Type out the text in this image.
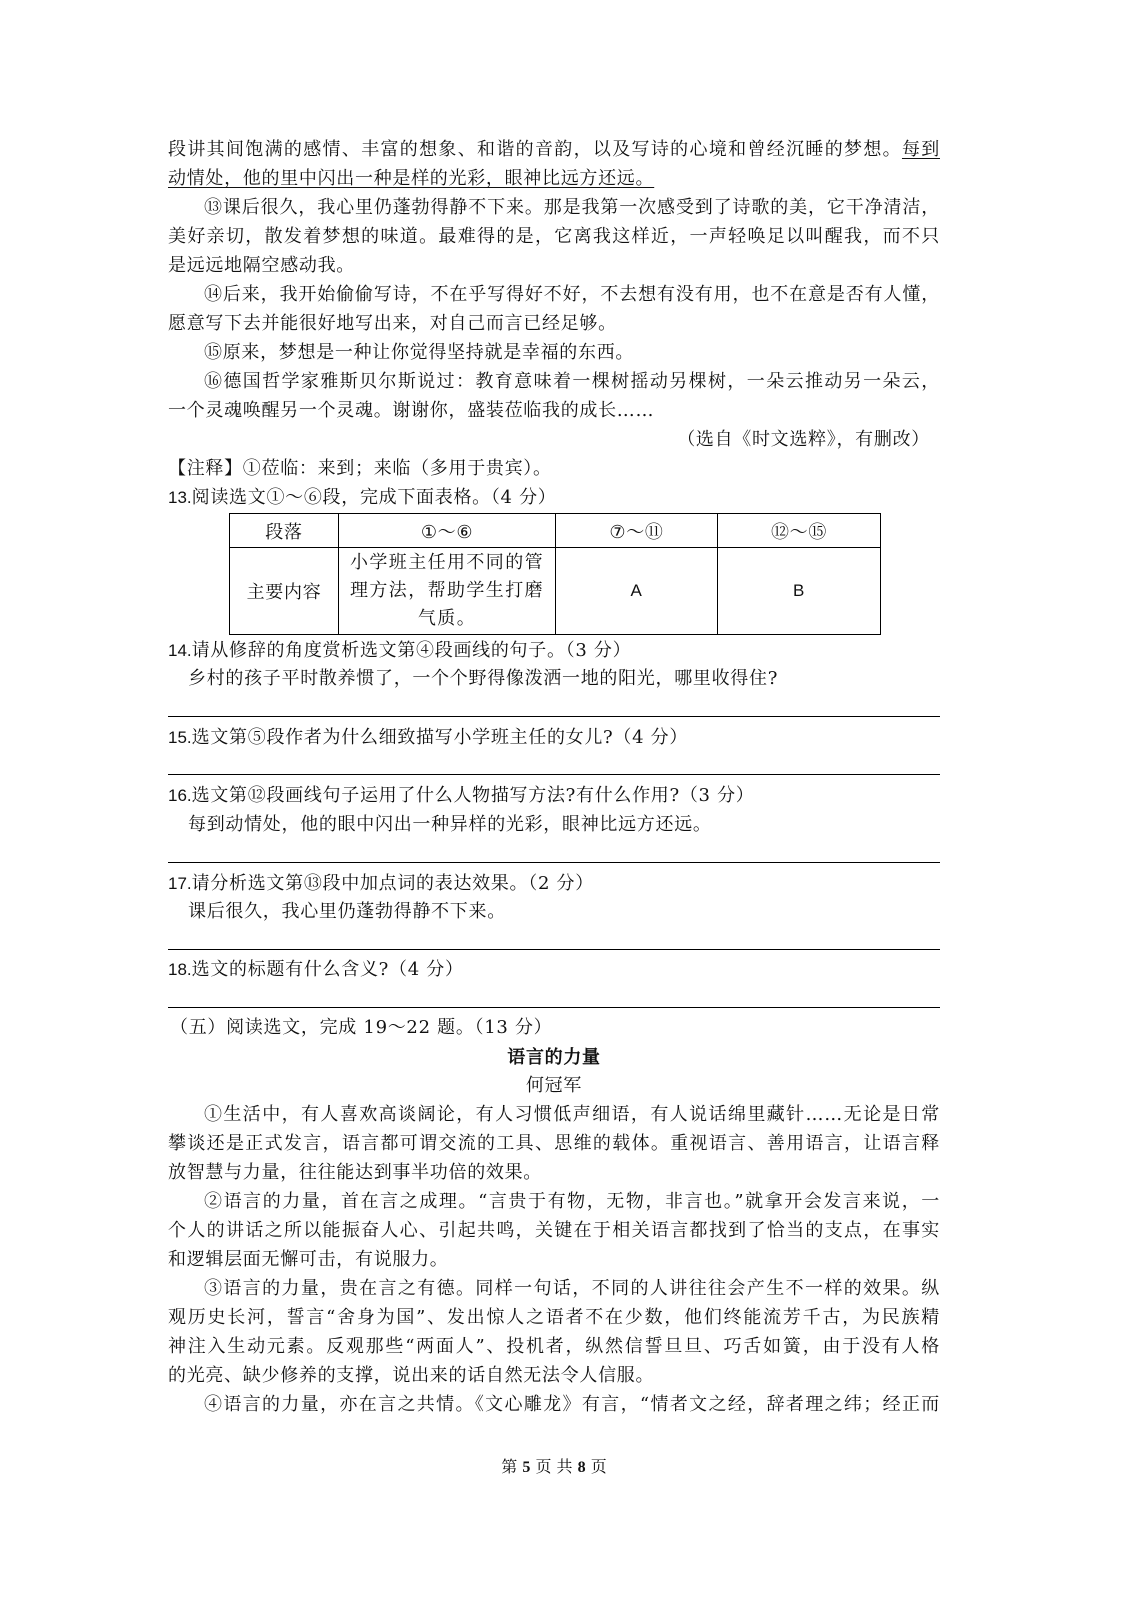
段讲其间饱满的感情、丰富的想象、和谐的音韵，以及写诗的心境和曾经沉睡的梦想。每到
动情处，他的里中闪出一种是样的光彩，眼神比远方还远。
⑬课后很久，我心里仍蓬勃得静不下来。那是我第一次感受到了诗歌的美，它干净清洁，
美好亲切，散发着梦想的味道。最难得的是，它离我这样近，一声轻唤足以叫醒我，而不只
是远远地隔空感动我。
⑭后来，我开始偷偷写诗，不在乎写得好不好，不去想有没有用，也不在意是否有人懂，
愿意写下去并能很好地写出来，对自己而言已经足够。
⑮原来，梦想是一种让你觉得坚持就是幸福的东西。
⑯德国哲学家雅斯贝尔斯说过：教育意味着一棵树摇动另棵树，一朵云推动另一朵云，
一个灵魂唤醒另一个灵魂。谢谢你，盛装莅临我的成长……
（选自《时文选粹》，有删改）
【注释】①莅临：来到；来临（多用于贵宾）。
13.阅读选文①～⑥段，完成下面表格。（4 分）
段落	①～⑥	⑦～⑪	⑫～⑮
主要内容	小学班主任用不同的管
理方法，帮助学生打磨
气质。	A	B
14.请从修辞的角度赏析选文第④段画线的句子。（3 分）
乡村的孩子平时散养惯了，一个个野得像泼洒一地的阳光，哪里收得住?
15.选文第⑤段作者为什么细致描写小学班主任的女儿?（4 分）
16.选文第⑫段画线句子运用了什么人物描写方法?有什么作用?（3 分）
每到动情处，他的眼中闪出一种异样的光彩，眼神比远方还远。
17.请分析选文第⑬段中加点词的表达效果。（2 分）
课后很久，我心里仍蓬勃得静不下来。
18.选文的标题有什么含义?（4 分）
（五）阅读选文，完成 19～22 题。（13 分）
语言的力量
何冠军
①生活中，有人喜欢高谈阔论，有人习惯低声细语，有人说话绵里藏针……无论是日常
攀谈还是正式发言，语言都可谓交流的工具、思维的载体。重视语言、善用语言，让语言释
放智慧与力量，往往能达到事半功倍的效果。
②语言的力量，首在言之成理。“言贵于有物，无物，非言也。”就拿开会发言来说，一
个人的讲话之所以能振奋人心、引起共鸣，关键在于相关语言都找到了恰当的支点，在事实
和逻辑层面无懈可击，有说服力。
③语言的力量，贵在言之有德。同样一句话，不同的人讲往往会产生不一样的效果。纵
观历史长河，誓言“舍身为国”、发出惊人之语者不在少数，他们终能流芳千古，为民族精
神注入生动元素。反观那些“两面人”、投机者，纵然信誓旦旦、巧舌如簧，由于没有人格
的光亮、缺少修养的支撑，说出来的话自然无法令人信服。
④语言的力量，亦在言之共情。《文心雕龙》有言，“情者文之经，辞者理之纬；经正而
第 5 页 共 8 页
